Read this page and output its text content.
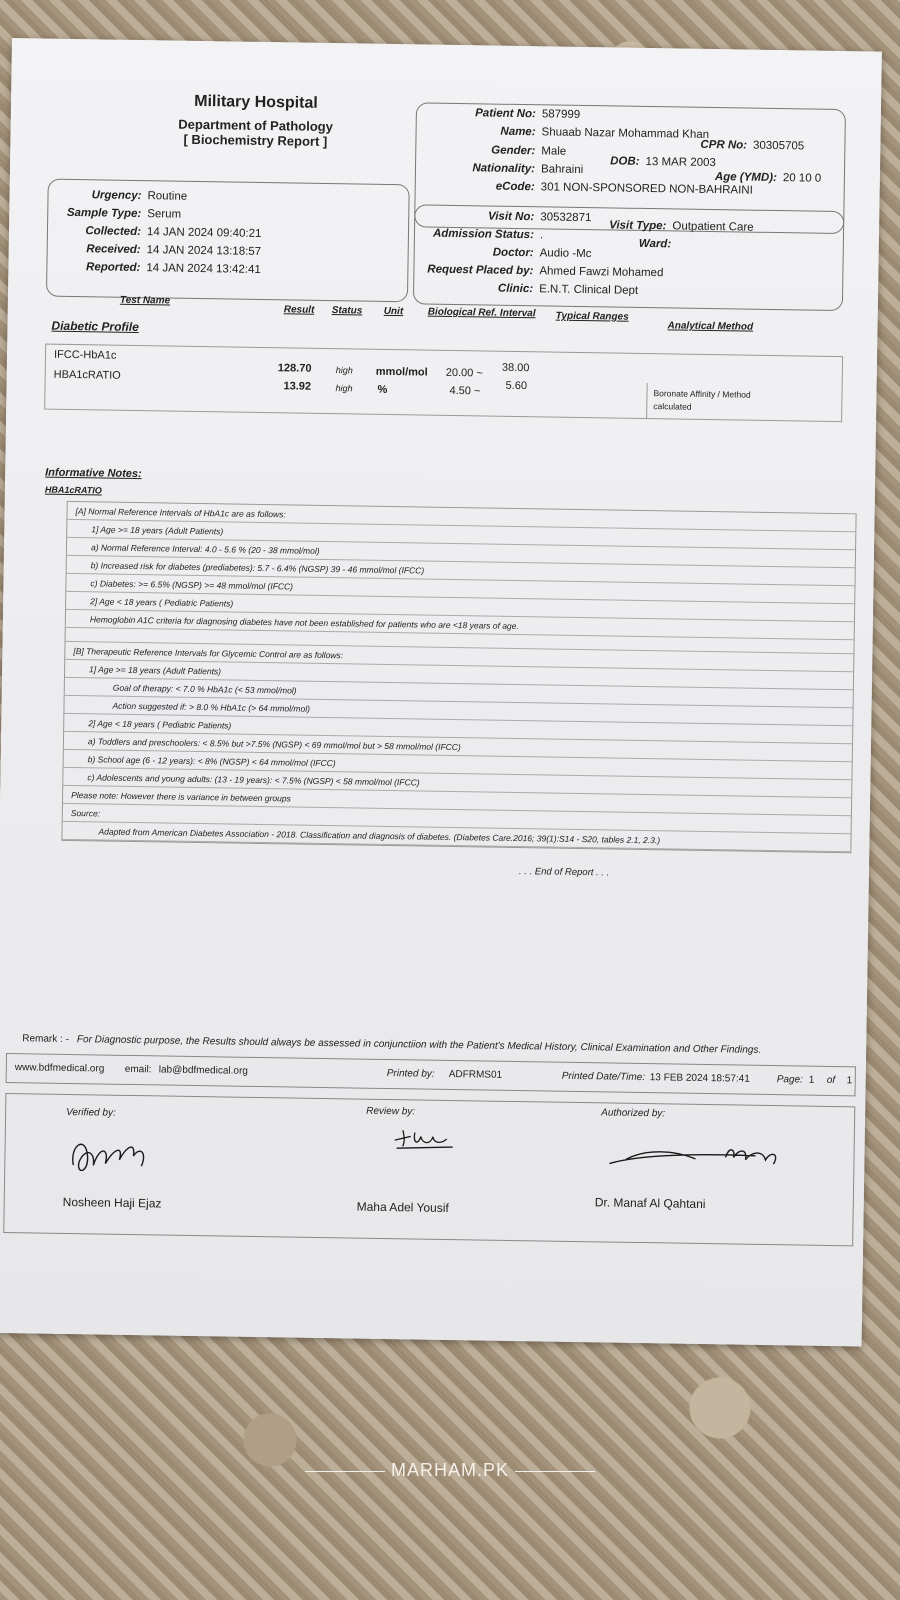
Military Hospital
Department of Pathology
[ Biochemistry Report ]
Patient No: 587999
Name: Shuaab Nazar Mohammad Khan
CPR No: 30305705
Gender: Male
DOB: 13 MAR 2003
Age (YMD): 20 10 0
Nationality: Bahraini
eCode: 301 NON-SPONSORED NON-BAHRAINI
Urgency: Routine
Sample Type: Serum
Collected: 14 JAN 2024 09:40:21
Received: 14 JAN 2024 13:18:57
Reported: 14 JAN 2024 13:42:41
Visit No: 30532871
Visit Type: Outpatient Care
Admission Status: .
Ward:
Doctor: Audio -Mc
Request Placed by: Ahmed Fawzi Mohamed
Clinic: E.N.T. Clinical Dept
Test Name
Result Status Unit Biological Ref. Interval Typical Ranges
Analytical Method
Diabetic Profile
IFCC-HbA1c
128.70	high mmol/mol 20.00 ~ 38.00
HBA1cRATIO
13.92	high %	4.50 ~ 5.60
Boronate Affinity / Method
calculated
Informative Notes:
HBA1cRATIO
[A] Normal Reference Intervals of HbA1c are as follows:
1] Age >= 18 years (Adult Patients)
a) Normal Reference Interval: 4.0 - 5.6 % (20 - 38 mmol/mol)
b) Increased risk for diabetes (prediabetes): 5.7 - 6.4% (NGSP) 39 - 46 mmol/mol (IFCC)
c) Diabetes: >= 6.5% (NGSP) >= 48 mmol/mol (IFCC)
2] Age < 18 years ( Pediatric Patients)
Hemoglobin A1C criteria for diagnosing diabetes have not been established for patients who are <18 years of age.
[B] Therapeutic Reference Intervals for Glycemic Control are as follows:
1] Age >= 18 years (Adult Patients)
Goal of therapy: < 7.0 % HbA1c (< 53 mmol/mol)
Action suggested if: > 8.0 % HbA1c (> 64 mmol/mol)
2] Age < 18 years ( Pediatric Patients)
a) Toddlers and preschoolers: < 8.5% but >7.5% (NGSP) < 69 mmol/mol but > 58 mmol/mol (IFCC)
b) School age (6 - 12 years): < 8% (NGSP) < 64 mmol/mol (IFCC)
c) Adolescents and young adults: (13 - 19 years): < 7.5% (NGSP) < 58 mmol/mol (IFCC)
Please note: However there is variance in between groups
Source:
Adapted from American Diabetes Association - 2018. Classification and diagnosis of diabetes. (Diabetes Care.2016; 39(1):S14 - S20, tables 2.1, 2.3.)
. . . End of Report . . .
Remark : - For Diagnostic purpose, the Results should always be assessed in conjunctiion with the Patient's Medical History, Clinical Examination and Other Findings.
www.bdfmedical.org email: lab@bdfmedical.org	Printed by: ADFRMS01	Printed Date/Time: 13 FEB 2024 18:57:41	Page: 1 of 1
Verified by:
Nosheen Haji Ejaz
Review by:
Maha Adel Yousif
Authorized by:
Dr. Manaf Al Qahtani
MARHAM.PK
